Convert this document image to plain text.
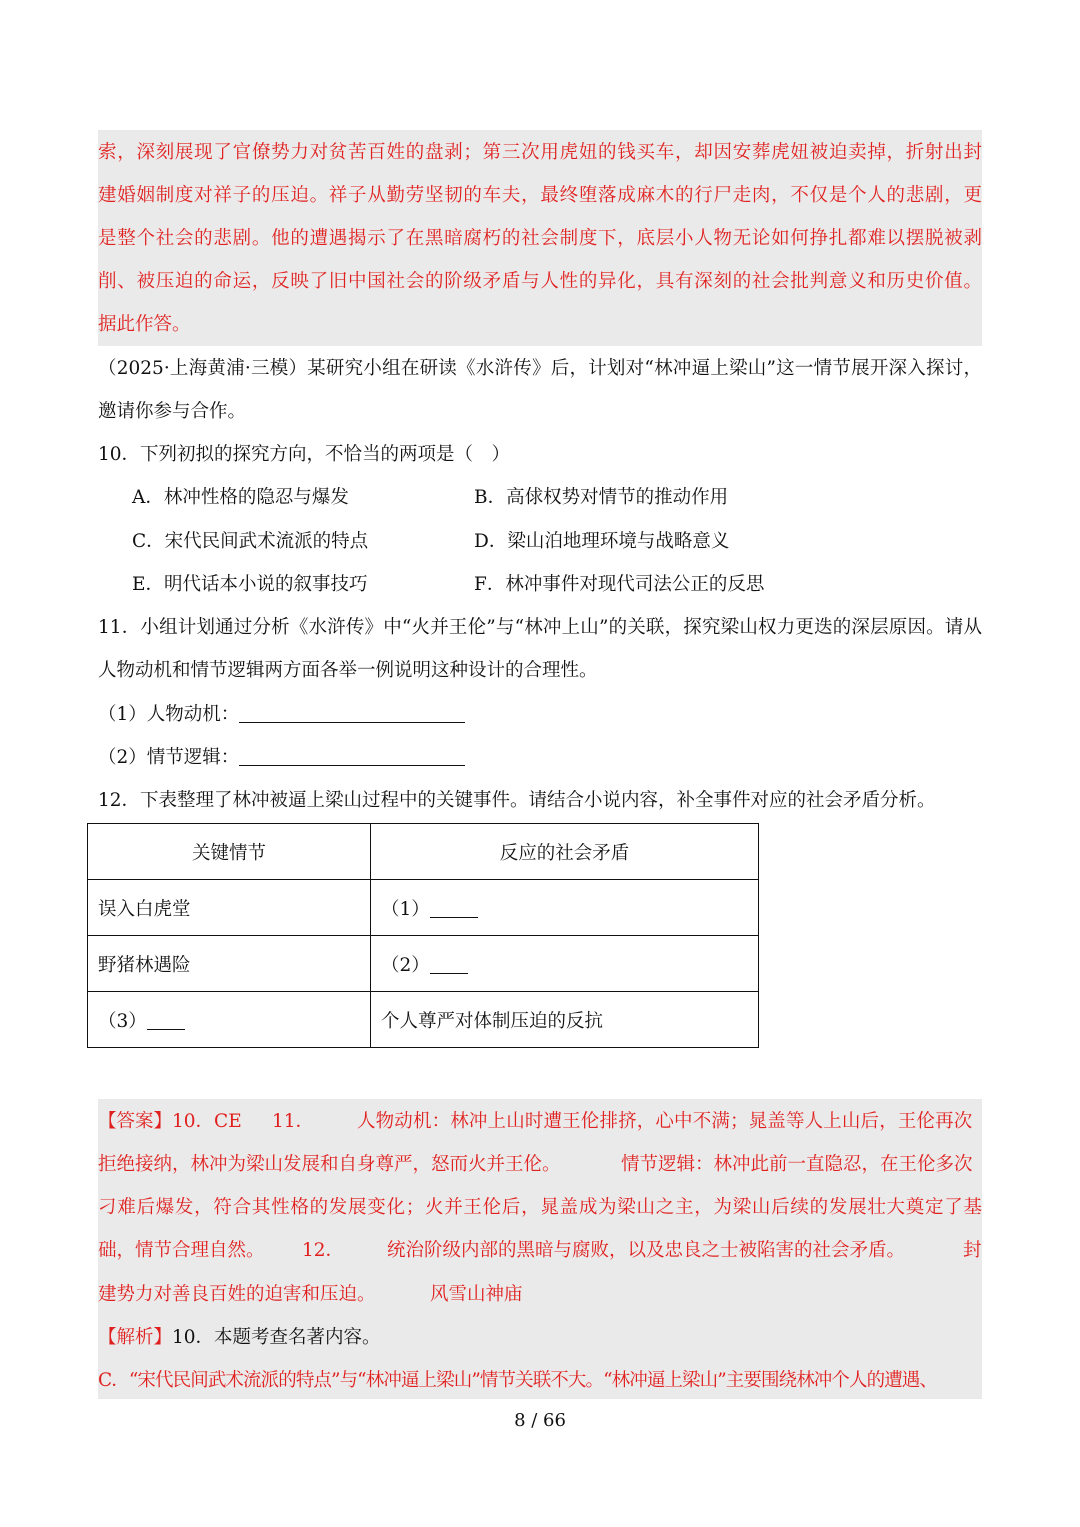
索，深刻展现了官僚势力对贫苦百姓的盘剥；第三次用虎妞的钱买车，却因安葬虎妞被迫卖掉，折射出封
建婚姻制度对祥子的压迫。祥子从勤劳坚韧的车夫，最终堕落成麻木的行尸走肉，不仅是个人的悲剧，更
是整个社会的悲剧。他的遭遇揭示了在黑暗腐朽的社会制度下，底层小人物无论如何挣扎都难以摆脱被剥
削、被压迫的命运，反映了旧中国社会的阶级矛盾与人性的异化，具有深刻的社会批判意义和历史价值。
据此作答。
（2025·上海黄浦·三模）某研究小组在研读《水浒传》后，计划对“林冲逼上梁山”这一情节展开深入探讨，
邀请你参与合作。
10．下列初拟的探究方向，不恰当的两项是（　）
A．林冲性格的隐忍与爆发	B．高俅权势对情节的推动作用
C．宋代民间武术流派的特点	D．梁山泊地理环境与战略意义
E．明代话本小说的叙事技巧	F．林冲事件对现代司法公正的反思
11．小组计划通过分析《水浒传》中“火并王伦”与“林冲上山”的关联，探究梁山权力更迭的深层原因。请从
人物动机和情节逻辑两方面各举一例说明这种设计的合理性。
（1）人物动机：
（2）情节逻辑：
12．下表整理了林冲被逼上梁山过程中的关键事件。请结合小说内容，补全事件对应的社会矛盾分析。
关键情节	反应的社会矛盾
误入白虎堂	（1）
野猪林遇险	（2）
（3）	个人尊严对体制压迫的反抗
【答案】10．CE 11． 人物动机：林冲上山时遭王伦排挤，心中不满；晁盖等人上山后，王伦再次
拒绝接纳，林冲为梁山发展和自身尊严，怒而火并王伦。	情节逻辑：林冲此前一直隐忍，在王伦多次
刁难后爆发，符合其性格的发展变化；火并王伦后，晁盖成为梁山之主，为梁山后续的发展壮大奠定了基
础，情节合理自然。 12． 统治阶级内部的黑暗与腐败，以及忠良之士被陷害的社会矛盾。	封
建势力对善良百姓的迫害和压迫。	风雪山神庙
【解析】10．本题考查名著内容。
C．“宋代民间武术流派的特点”与“林冲逼上梁山”情节关联不大。“林冲逼上梁山”主要围绕林冲个人的遭遇、
8 / 66
